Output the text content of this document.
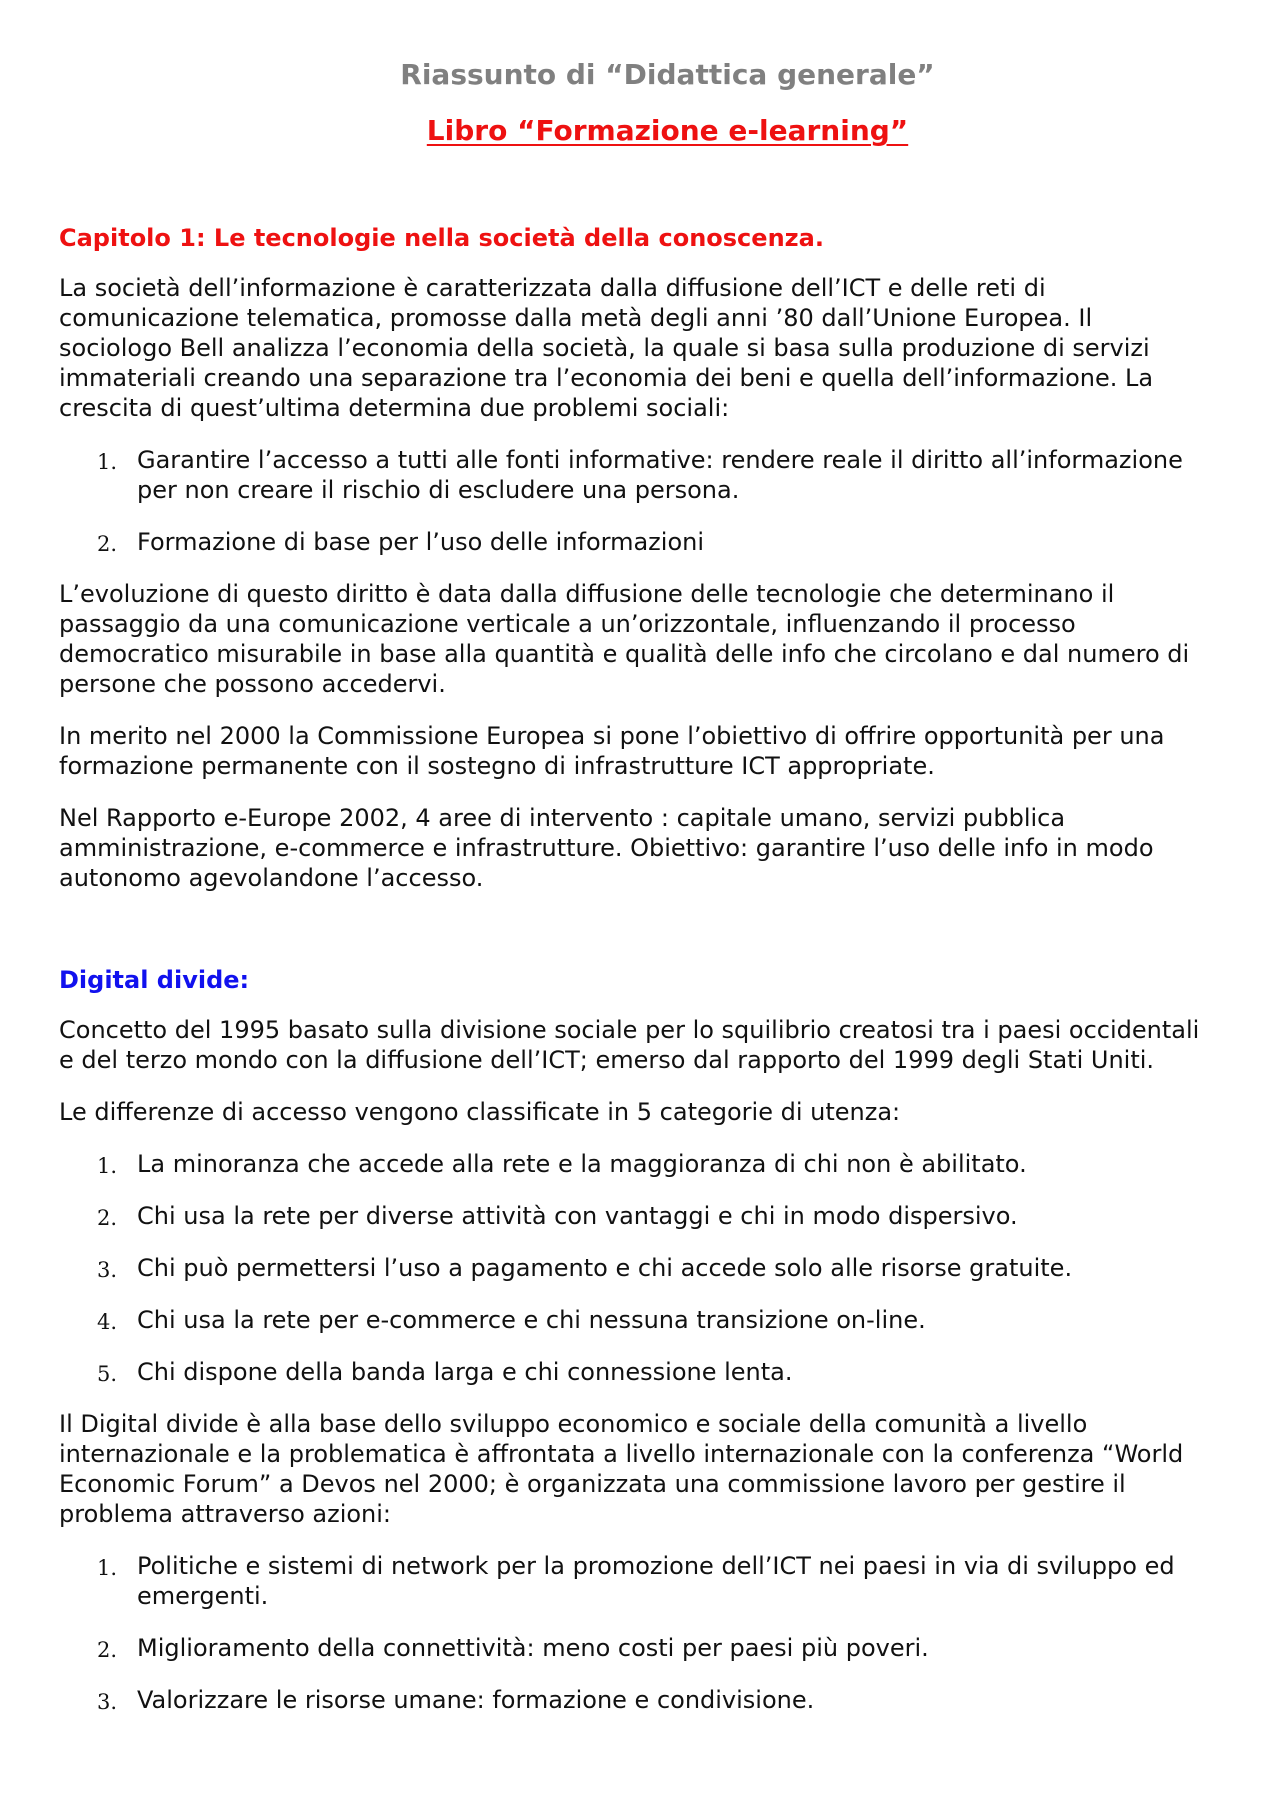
Riassunto di “Didattica generale”
Libro “Formazione e-learning”
Capitolo 1: Le tecnologie nella società della conoscenza.

La società dell’informazione è caratterizzata dalla diffusione dell’ICT e delle reti di comunicazione telematica, promosse dalla metà degli anni ’80 dall’Unione Europea. Il sociologo Bell analizza l’economia della società, la quale si basa sulla produzione di servizi immateriali creando una separazione tra l’economia dei beni e quella dell’informazione. La crescita di quest’ultima determina due problemi sociali:

1. Garantire l’accesso a tutti alle fonti informative: rendere reale il diritto all’informazione per non creare il rischio di escludere una persona.
2. Formazione di base per l’uso delle informazioni

L’evoluzione di questo diritto è data dalla diffusione delle tecnologie che determinano il passaggio da una comunicazione verticale a un’orizzontale, influenzando il processo democratico misurabile in base alla quantità e qualità delle info che circolano e dal numero di persone che possono accedervi.

In merito nel 2000 la Commissione Europea si pone l’obiettivo di offrire opportunità per una formazione permanente con il sostegno di infrastrutture ICT appropriate.

Nel Rapporto e-Europe 2002, 4 aree di intervento : capitale umano, servizi pubblica amministrazione, e-commerce e infrastrutture. Obiettivo: garantire l’uso delle info in modo autonomo agevolandone l’accesso.

Digital divide:

Concetto del 1995 basato sulla divisione sociale per lo squilibrio creatosi tra i paesi occidentali e del terzo mondo con la diffusione dell’ICT; emerso dal rapporto del 1999 degli Stati Uniti.

Le differenze di accesso vengono classificate in 5 categorie di utenza:

1. La minoranza che accede alla rete e la maggioranza di chi non è abilitato.
2. Chi usa la rete per diverse attività con vantaggi e chi in modo dispersivo.
3. Chi può permettersi l’uso a pagamento e chi accede solo alle risorse gratuite.
4. Chi usa la rete per e-commerce e chi nessuna transizione on-line.
5. Chi dispone della banda larga e chi connessione lenta.

Il Digital divide è alla base dello sviluppo economico e sociale della comunità a livello internazionale e la problematica è affrontata a livello internazionale con la conferenza “World Economic Forum” a Devos nel 2000; è organizzata una commissione lavoro per gestire il problema attraverso azioni:

1. Politiche e sistemi di network per la promozione dell’ICT nei paesi in via di sviluppo ed emergenti.
2. Miglioramento della connettività: meno costi per paesi più poveri.
3. Valorizzare le risorse umane: formazione e condivisione.
